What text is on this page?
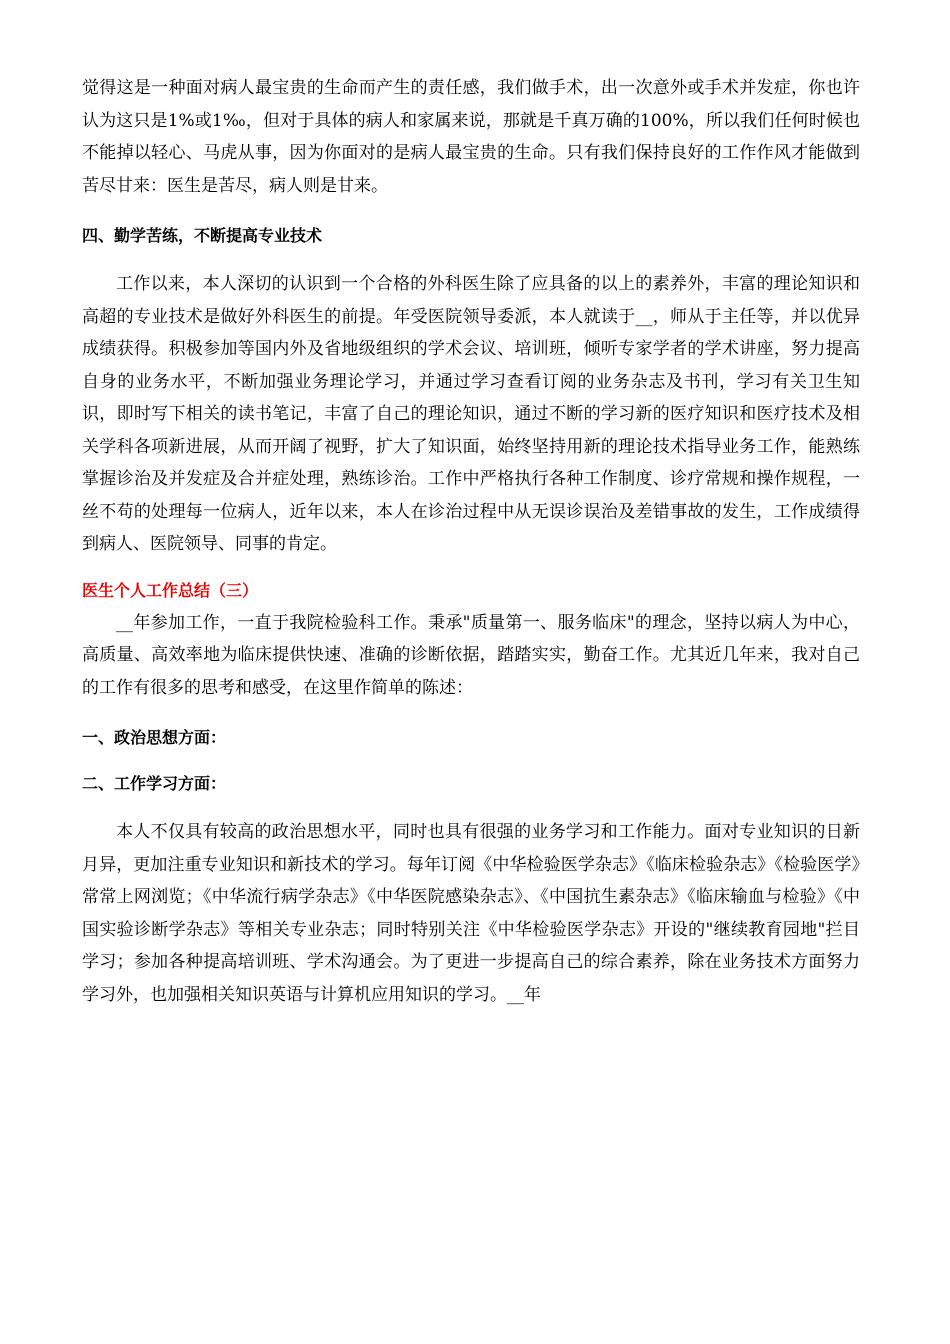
觉得这是一种面对病人最宝贵的生命而产生的责任感，我们做手术，出一次意外或手术并发症，你也许认为这只是1%或1‰，但对于具体的病人和家属来说，那就是千真万确的100%，所以我们任何时候也不能掉以轻心、马虎从事，因为你面对的是病人最宝贵的生命。只有我们保持良好的工作作风才能做到苦尽甘来：医生是苦尽，病人则是甘来。

四、勤学苦练，不断提高专业技术

工作以来，本人深切的认识到一个合格的外科医生除了应具备的以上的素养外，丰富的理论知识和高超的专业技术是做好外科医生的前提。年受医院领导委派，本人就读于__，师从于主任等，并以优异成绩获得。积极参加等国内外及省地级组织的学术会议、培训班，倾听专家学者的学术讲座，努力提高自身的业务水平，不断加强业务理论学习，并通过学习查看订阅的业务杂志及书刊，学习有关卫生知识，即时写下相关的读书笔记，丰富了自己的理论知识，通过不断的学习新的医疗知识和医疗技术及相关学科各项新进展，从而开阔了视野，扩大了知识面，始终坚持用新的理论技术指导业务工作，能熟练掌握诊治及并发症及合并症处理，熟练诊治。工作中严格执行各种工作制度、诊疗常规和操作规程，一丝不苟的处理每一位病人，近年以来，本人在诊治过程中从无误诊误治及差错事故的发生，工作成绩得到病人、医院领导、同事的肯定。

医生个人工作总结（三）

__年参加工作，一直于我院检验科工作。秉承"质量第一、服务临床"的理念，坚持以病人为中心，高质量、高效率地为临床提供快速、准确的诊断依据，踏踏实实，勤奋工作。尤其近几年来，我对自己的工作有很多的思考和感受，在这里作简单的陈述：

一、政治思想方面：

二、工作学习方面：

本人不仅具有较高的政治思想水平，同时也具有很强的业务学习和工作能力。面对专业知识的日新月异，更加注重专业知识和新技术的学习。每年订阅《中华检验医学杂志》《临床检验杂志》《检验医学》常常上网浏览；《中华流行病学杂志》《中华医院感染杂志》、《中国抗生素杂志》《临床输血与检验》《中国实验诊断学杂志》等相关专业杂志；同时特别关注《中华检验医学杂志》开设的"继续教育园地"拦目学习；参加各种提高培训班、学术沟通会。为了更进一步提高自己的综合素养，除在业务技术方面努力学习外，也加强相关知识英语与计算机应用知识的学习。__年
